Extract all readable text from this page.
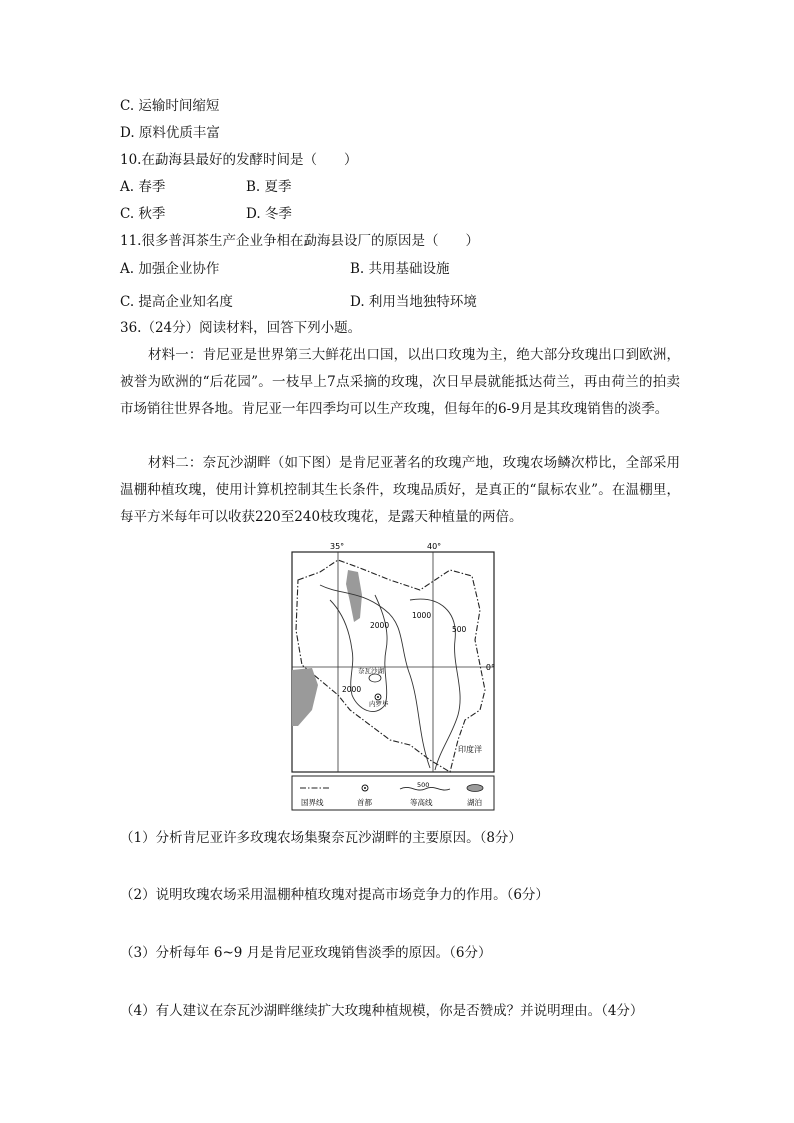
C. 运输时间缩短
D. 原料优质丰富
10.在勐海县最好的发酵时间是（　　）
A. 春季	B. 夏季
C. 秋季	D. 冬季
11.很多普洱茶生产企业争相在勐海县设厂的原因是（　　）
A. 加强企业协作	B. 共用基础设施
C. 提高企业知名度	D. 利用当地独特环境
36.（24分）阅读材料，回答下列小题。
材料一：肯尼亚是世界第三大鲜花出口国，以出口玫瑰为主，绝大部分玫瑰出口到欧洲，被誉为欧洲的“后花园”。一枝早上7点采摘的玫瑰，次日早晨就能抵达荷兰，再由荷兰的拍卖市场销往世界各地。肯尼亚一年四季均可以生产玫瑰，但每年的6-9月是其玫瑰销售的淡季。
材料二：奈瓦沙湖畔（如下图）是肯尼亚著名的玫瑰产地，玫瑰农场鳞次栉比，全部采用温棚种植玫瑰，使用计算机控制其生长条件，玫瑰品质好，是真正的“鼠标农业”。在温棚里，每平方米每年可以收获220至240枝玫瑰花，是露天种植量的两倍。
35°	40°
0°
2000
2000
1000
500
奈瓦沙湖
内罗毕
印度洋
国界线	首都
500
等高线	湖泊
（1）分析肯尼亚许多玫瑰农场集聚奈瓦沙湖畔的主要原因。（8分）
（2）说明玫瑰农场采用温棚种植玫瑰对提高市场竞争力的作用。（6分）
（3）分析每年 6~9 月是肯尼亚玫瑰销售淡季的原因。（6分）
（4）有人建议在奈瓦沙湖畔继续扩大玫瑰种植规模，你是否赞成？并说明理由。（4分）
